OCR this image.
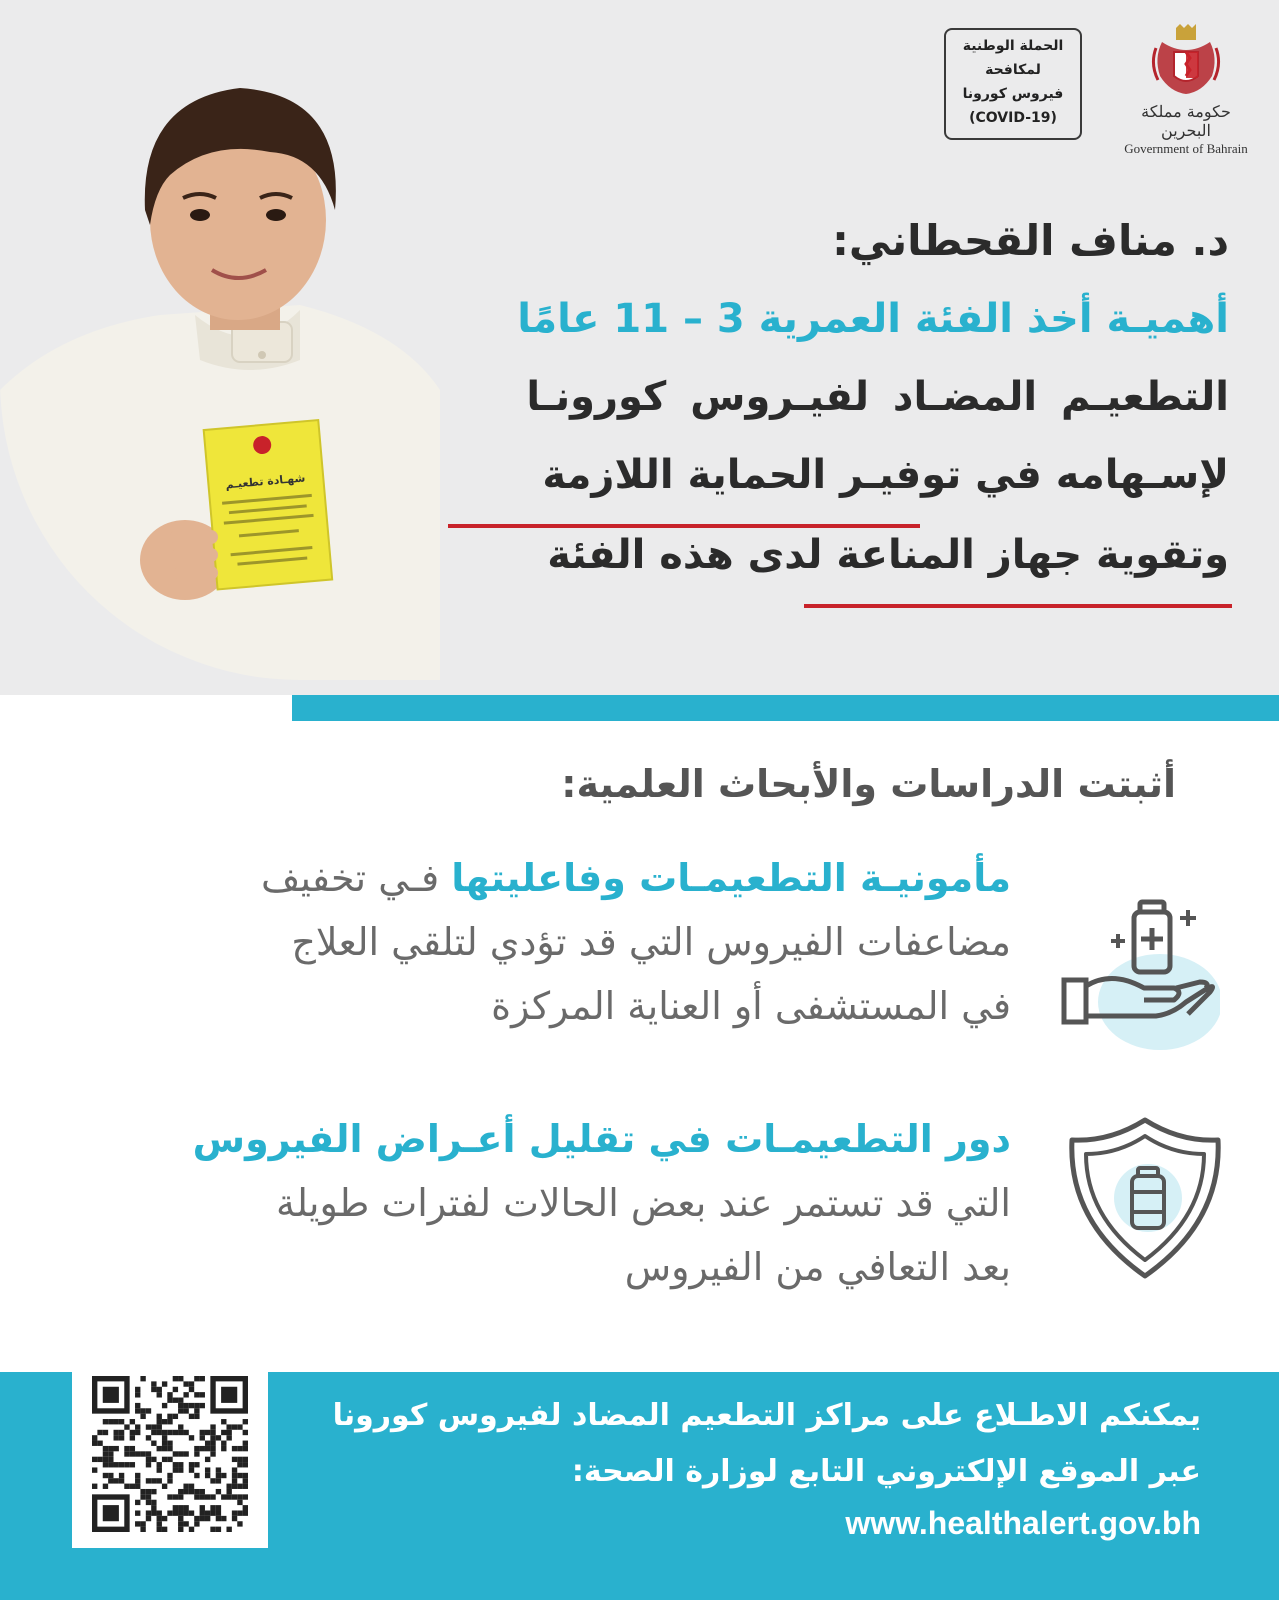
شهـادة تطعيـم
الحملة الوطنية
لمكافحة
فيروس كورونا
(COVID-19)	حكومة مملكة البحرين
Government of Bahrain
د. مناف القحطاني:
أهميـة أخذ الفئة العمرية 3 – 11 عامًا
التطعيـم المضـاد لفيـروس كورونـا
لإسـهامه في توفيـر الحماية اللازمة
وتقوية جهاز المناعة لدى هذه الفئة
أثبتت الدراسات والأبحاث العلمية:

مأمونيـة التطعيمـات وفاعليتها فـي تخفيف

مضاعفات الفيروس التي قد تؤدي لتلقي العلاج

في المستشفى أو العناية المركزة

دور التطعيمـات في تقليل أعـراض الفيروس

التي قد تستمر عند بعض الحالات لفترات طويلة

بعد التعافي من الفيروس

يمكنكم الاطـلاع على مراكز التطعيم المضاد لفيروس كورونا
عبر الموقع الإلكتروني التابع لوزارة الصحة:
www.healthalert.gov.bh
